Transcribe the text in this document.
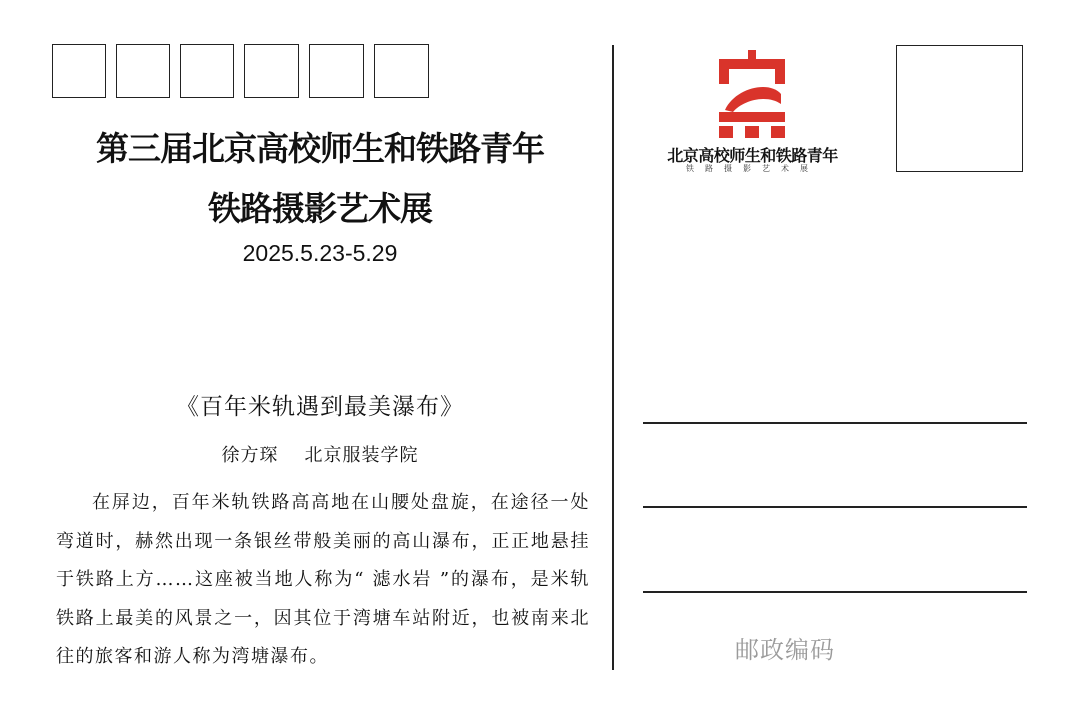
第三届北京高校师生和铁路青年
铁路摄影艺术展
2025.5.23-5.29
《百年米轨遇到最美瀑布》
徐方琛 北京服装学院
在屏边，百年米轨铁路高高地在山腰处盘旋，在途径一处弯道时，赫然出现一条银丝带般美丽的高山瀑布，正正地悬挂于铁路上方……这座被当地人称为“ 滤水岩 ”的瀑布，是米轨铁路上最美的风景之一，因其位于湾塘车站附近，也被南来北往的旅客和游人称为湾塘瀑布。
北京高校师生和铁路青年
铁路摄影艺术展
邮政编码
